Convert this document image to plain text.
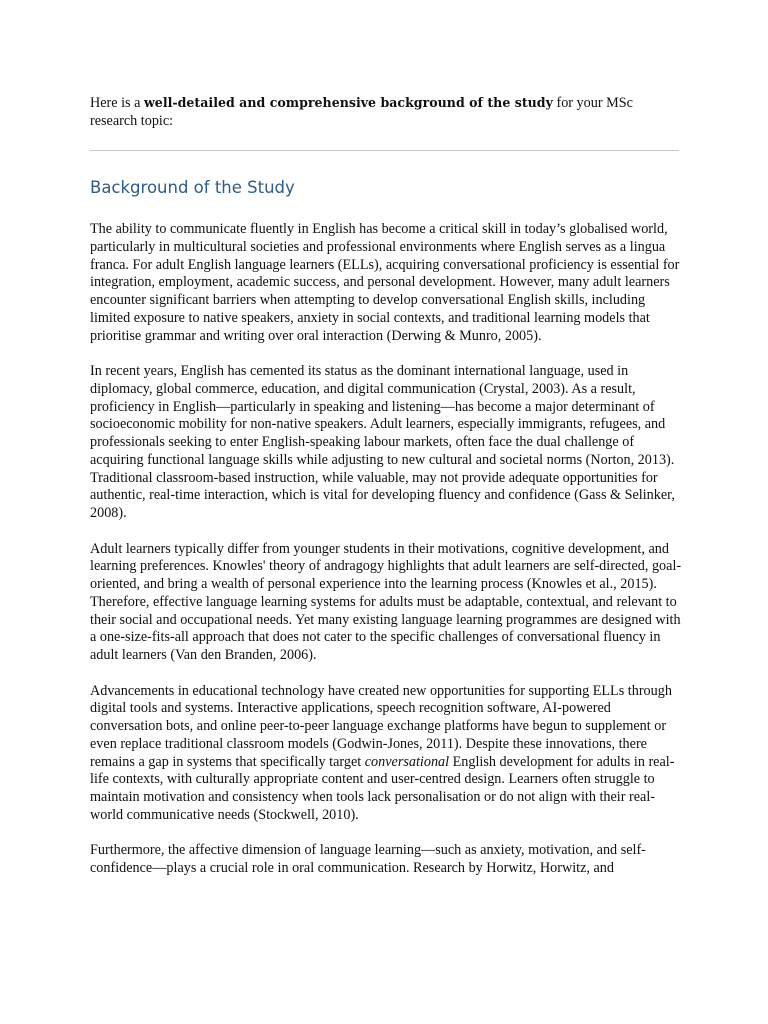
Here is a well-detailed and comprehensive background of the study for your MSc research topic:

Background of the Study

The ability to communicate fluently in English has become a critical skill in today’s globalised world, particularly in multicultural societies and professional environments where English serves as a lingua franca. For adult English language learners (ELLs), acquiring conversational proficiency is essential for integration, employment, academic success, and personal development. However, many adult learners encounter significant barriers when attempting to develop conversational English skills, including limited exposure to native speakers, anxiety in social contexts, and traditional learning models that prioritise grammar and writing over oral interaction (Derwing & Munro, 2005).

In recent years, English has cemented its status as the dominant international language, used in diplomacy, global commerce, education, and digital communication (Crystal, 2003). As a result, proficiency in English—particularly in speaking and listening—has become a major determinant of socioeconomic mobility for non-native speakers. Adult learners, especially immigrants, refugees, and professionals seeking to enter English-speaking labour markets, often face the dual challenge of acquiring functional language skills while adjusting to new cultural and societal norms (Norton, 2013). Traditional classroom-based instruction, while valuable, may not provide adequate opportunities for authentic, real-time interaction, which is vital for developing fluency and confidence (Gass & Selinker, 2008).

Adult learners typically differ from younger students in their motivations, cognitive development, and learning preferences. Knowles' theory of andragogy highlights that adult learners are self-directed, goal-oriented, and bring a wealth of personal experience into the learning process (Knowles et al., 2015). Therefore, effective language learning systems for adults must be adaptable, contextual, and relevant to their social and occupational needs. Yet many existing language learning programmes are designed with a one-size-fits-all approach that does not cater to the specific challenges of conversational fluency in adult learners (Van den Branden, 2006).

Advancements in educational technology have created new opportunities for supporting ELLs through digital tools and systems. Interactive applications, speech recognition software, AI-powered conversation bots, and online peer-to-peer language exchange platforms have begun to supplement or even replace traditional classroom models (Godwin-Jones, 2011). Despite these innovations, there remains a gap in systems that specifically target conversational English development for adults in real-life contexts, with culturally appropriate content and user-centred design. Learners often struggle to maintain motivation and consistency when tools lack personalisation or do not align with their real-world communicative needs (Stockwell, 2010).

Furthermore, the affective dimension of language learning—such as anxiety, motivation, and self-confidence—plays a crucial role in oral communication. Research by Horwitz, Horwitz, and
